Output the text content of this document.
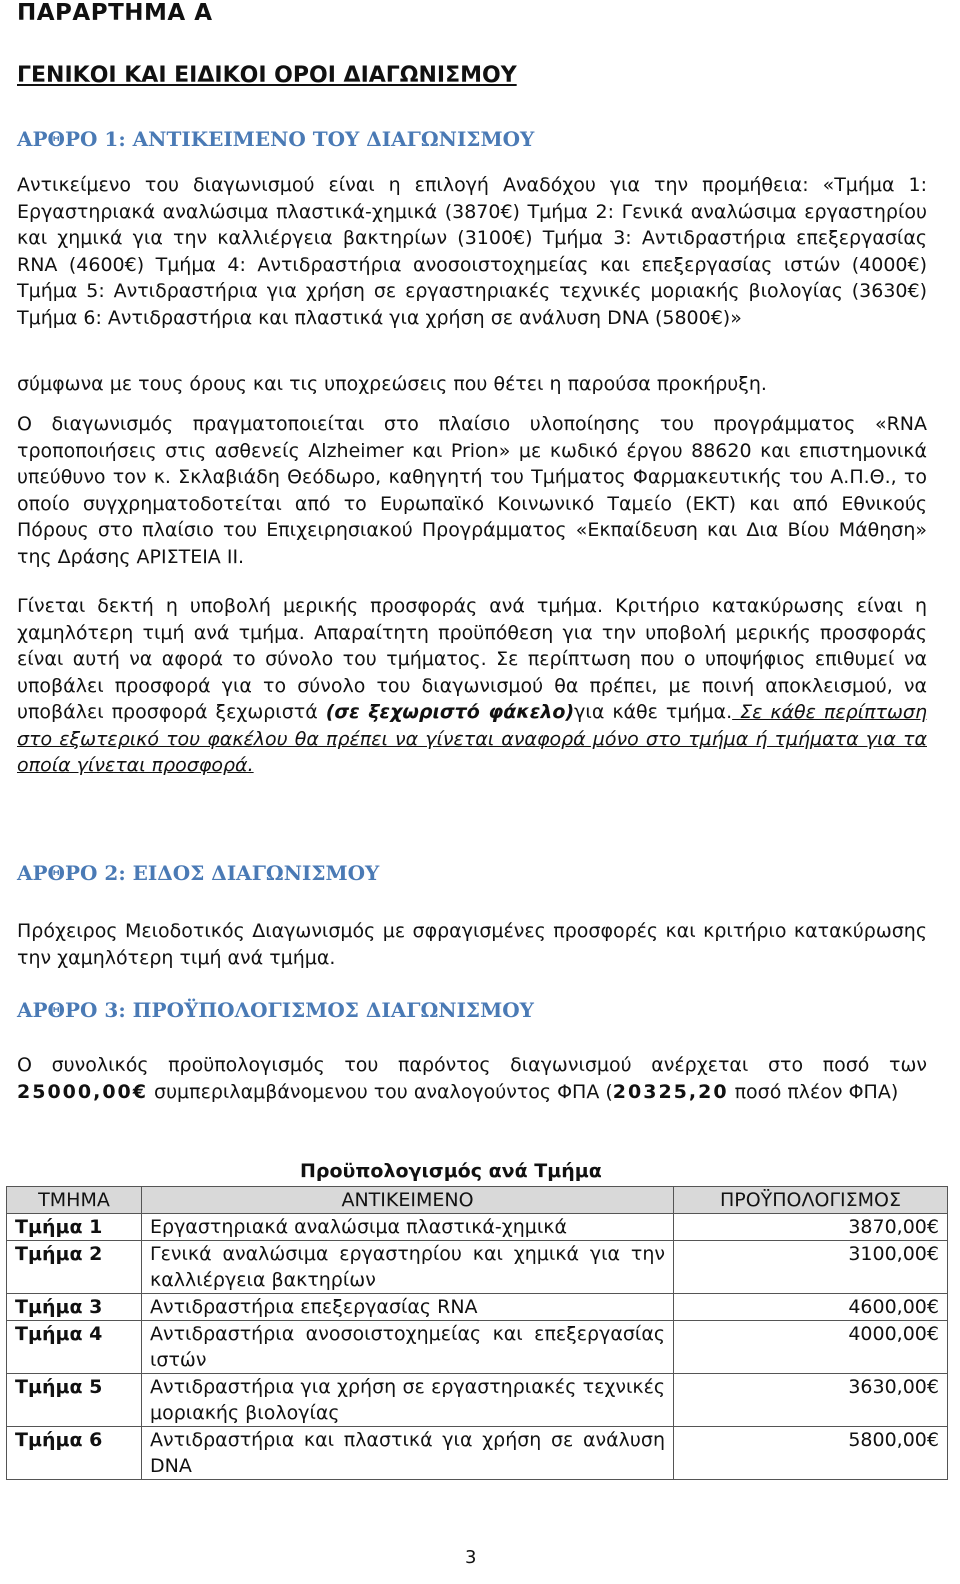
ΠΑΡΑΡΤΗΜΑ Α
ΓΕΝΙΚΟΙ ΚΑΙ ΕΙΔΙΚΟΙ ΟΡΟΙ ΔΙΑΓΩΝΙΣΜΟΥ
ΑΡΘΡΟ 1: ΑΝΤΙΚΕΙΜΕΝΟ ΤΟΥ ΔΙΑΓΩΝΙΣΜΟΥ
Αντικείμενο του διαγωνισμού είναι η επιλογή Αναδόχου για την προμήθεια: «Τμήμα 1: Εργαστηριακά αναλώσιμα πλαστικά-χημικά (3870€) Τμήμα 2: Γενικά αναλώσιμα εργαστηρίου και χημικά για την καλλιέργεια βακτηρίων (3100€) Τμήμα 3: Αντιδραστήρια επεξεργασίας RNA (4600€) Τμήμα 4: Αντιδραστήρια ανοσοιστοχημείας και επεξεργασίας ιστών (4000€) Τμήμα 5: Αντιδραστήρια για χρήση σε εργαστηριακές τεχνικές μοριακής βιολογίας (3630€) Τμήμα 6: Αντιδραστήρια και πλαστικά για χρήση σε ανάλυση DNA (5800€)»
σύμφωνα με τους όρους και τις υποχρεώσεις που θέτει η παρούσα προκήρυξη.
Ο διαγωνισμός πραγματοποιείται στο πλαίσιο υλοποίησης του προγράμματος «RNA τροποποιήσεις στις ασθενείς Alzheimer και Prion» με κωδικό έργου 88620 και επιστημονικά υπεύθυνο τον κ. Σκλαβιάδη Θεόδωρο, καθηγητή του Τμήματος Φαρμακευτικής του Α.Π.Θ., το οποίο συγχρηματοδοτείται από το Ευρωπαϊκό Κοινωνικό Ταμείο (ΕΚΤ) και από Εθνικούς Πόρους στο πλαίσιο του Επιχειρησιακού Προγράμματος «Εκπαίδευση και Δια Βίου Μάθηση» της Δράσης ΑΡΙΣΤΕΙΑ ΙΙ.
Γίνεται δεκτή η υποβολή μερικής προσφοράς ανά τμήμα. Κριτήριο κατακύρωσης είναι η χαμηλότερη τιμή ανά τμήμα. Απαραίτητη προϋπόθεση για την υποβολή μερικής προσφοράς είναι αυτή να αφορά το σύνολο του τμήματος. Σε περίπτωση που ο υποψήφιος επιθυμεί να υποβάλει προσφορά για το σύνολο του διαγωνισμού θα πρέπει, με ποινή αποκλεισμού, να υποβάλει προσφορά ξεχωριστά (σε ξεχωριστό φάκελο)για κάθε τμήμα. Σε κάθε περίπτωση στο εξωτερικό του φακέλου θα πρέπει να γίνεται αναφορά μόνο στο τμήμα ή τμήματα για τα οποία γίνεται προσφορά.
ΑΡΘΡΟ 2: ΕΙΔΟΣ ΔΙΑΓΩΝΙΣΜΟΥ
Πρόχειρος Μειοδοτικός Διαγωνισμός με σφραγισμένες προσφορές και κριτήριο κατακύρωσης την χαμηλότερη τιμή ανά τμήμα.
ΑΡΘΡΟ 3: ΠΡΟΫΠΟΛΟΓΙΣΜΟΣ ΔΙΑΓΩΝΙΣΜΟΥ
Ο συνολικός προϋπολογισμός του παρόντος διαγωνισμού ανέρχεται στο ποσό των 25000,00€ συμπεριλαμβάνομενου του αναλογούντος ΦΠΑ (20325,20 ποσό πλέον ΦΠΑ)
Προϋπολογισμός ανά Τμήμα
ΤΜΗΜΑ	ΑΝΤΙΚΕΙΜΕΝΟ	ΠΡΟΫΠΟΛΟΓΙΣΜΟΣ
Τμήμα 1	Εργαστηριακά αναλώσιμα πλαστικά-χημικά	3870,00€
Τμήμα 2	Γενικά αναλώσιμα εργαστηρίου και χημικά για την καλλιέργεια βακτηρίων	3100,00€
Τμήμα 3	Αντιδραστήρια επεξεργασίας RNA	4600,00€
Τμήμα 4	Αντιδραστήρια ανοσοιστοχημείας και επεξεργασίας ιστών	4000,00€
Τμήμα 5	Αντιδραστήρια για χρήση σε εργαστηριακές τεχνικές μοριακής βιολογίας	3630,00€
Τμήμα 6	Αντιδραστήρια και πλαστικά για χρήση σε ανάλυση DNA	5800,00€
3
